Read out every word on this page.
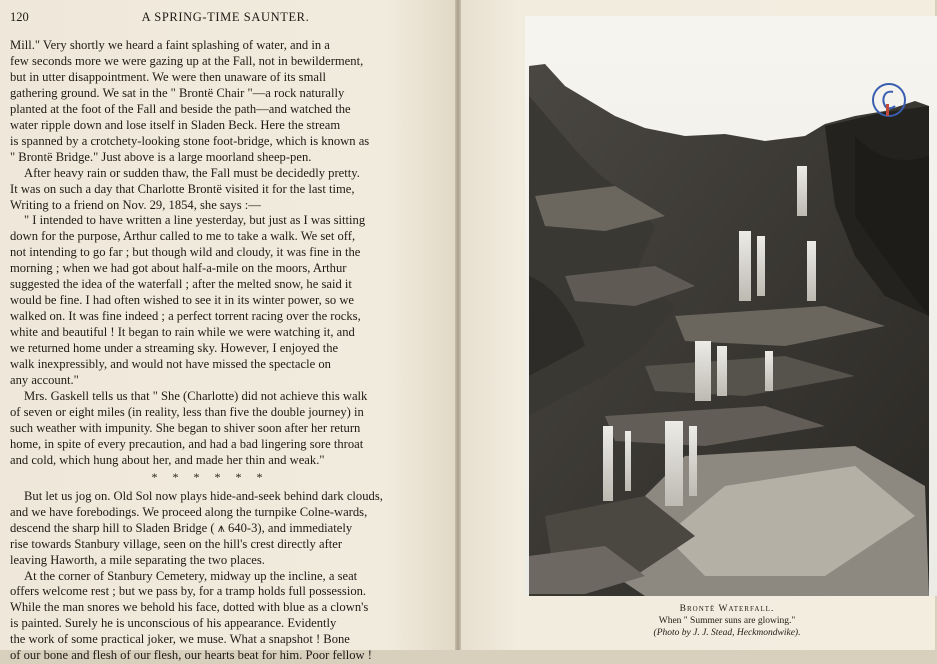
120	A SPRING-TIME SAUNTER.

Mill." Very shortly we heard a faint splashing of water, and in a

few seconds more we were gazing up at the Fall, not in bewilderment,

but in utter disappointment. We were then unaware of its small

gathering ground. We sat in the " Brontë Chair "—a rock naturally

planted at the foot of the Fall and beside the path—and watched the

water ripple down and lose itself in Sladen Beck. Here the stream

is spanned by a crotchety-looking stone foot-bridge, which is known as

" Brontë Bridge." Just above is a large moorland sheep-pen.

After heavy rain or sudden thaw, the Fall must be decidedly pretty.

It was on such a day that Charlotte Brontë visited it for the last time,

Writing to a friend on Nov. 29, 1854, she says :—

" I intended to have written a line yesterday, but just as I was sitting

down for the purpose, Arthur called to me to take a walk. We set off,

not intending to go far ; but though wild and cloudy, it was fine in the

morning ; when we had got about half-a-mile on the moors, Arthur

suggested the idea of the waterfall ; after the melted snow, he said it

would be fine. I had often wished to see it in its winter power, so we

walked on. It was fine indeed ; a perfect torrent racing over the rocks,

white and beautiful ! It began to rain while we were watching it, and

we returned home under a streaming sky. However, I enjoyed the

walk inexpressibly, and would not have missed the spectacle on

any account."

Mrs. Gaskell tells us that " She (Charlotte) did not achieve this walk

of seven or eight miles (in reality, less than five the double journey) in

such weather with impunity. She began to shiver soon after her return

home, in spite of every precaution, and had a bad lingering sore throat

and cold, which hung about her, and made her thin and weak."

* * * * * *

But let us jog on. Old Sol now plays hide-and-seek behind dark clouds,

and we have forebodings. We proceed along the turnpike Colne-wards,

descend the sharp hill to Sladen Bridge ( ⩚ 640-3), and immediately

rise towards Stanbury village, seen on the hill's crest directly after

leaving Haworth, a mile separating the two places.

At the corner of Stanbury Cemetery, midway up the incline, a seat

offers welcome rest ; but we pass by, for a tramp holds full possession.

While the man snores we behold his face, dotted with blue as a clown's

is painted. Surely he is unconscious of his appearance. Evidently

the work of some practical joker, we muse. What a snapshot ! Bone

of our bone and flesh of our flesh, our hearts beat for him. Poor fellow !

Brontë Waterfall.
When " Summer suns are glowing."
(Photo by J. J. Stead, Heckmondwike).
